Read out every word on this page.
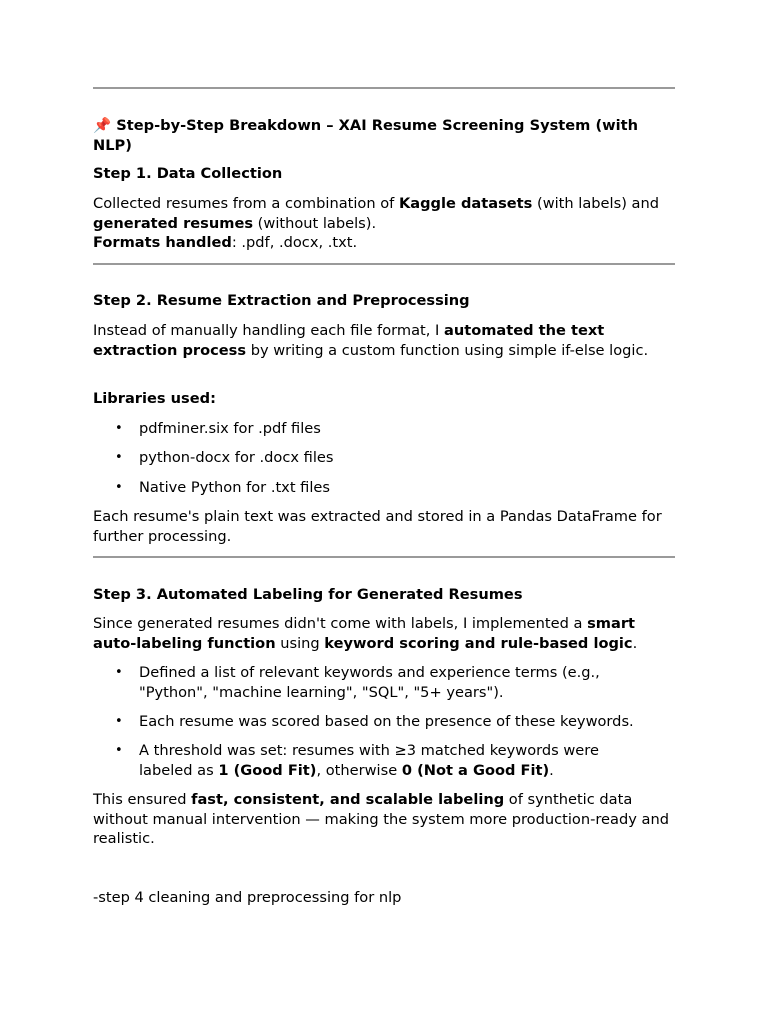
📌 Step-by-Step Breakdown – XAI Resume Screening System (with NLP)
Step 1. Data Collection
Collected resumes from a combination of Kaggle datasets (with labels) and generated resumes (without labels).
Formats handled: .pdf, .docx, .txt.
Step 2. Resume Extraction and Preprocessing
Instead of manually handling each file format, I automated the text extraction process by writing a custom function using simple if-else logic.
Libraries used:
• pdfminer.six for .pdf files
• python-docx for .docx files
• Native Python for .txt files
Each resume's plain text was extracted and stored in a Pandas DataFrame for further processing.
Step 3. Automated Labeling for Generated Resumes
Since generated resumes didn't come with labels, I implemented a smart auto-labeling function using keyword scoring and rule-based logic.
• Defined a list of relevant keywords and experience terms (e.g., "Python", "machine learning", "SQL", "5+ years").
• Each resume was scored based on the presence of these keywords.
• A threshold was set: resumes with ≥3 matched keywords were labeled as 1 (Good Fit), otherwise 0 (Not a Good Fit).
This ensured fast, consistent, and scalable labeling of synthetic data without manual intervention — making the system more production-ready and realistic.
-step 4 cleaning and preprocessing for nlp
